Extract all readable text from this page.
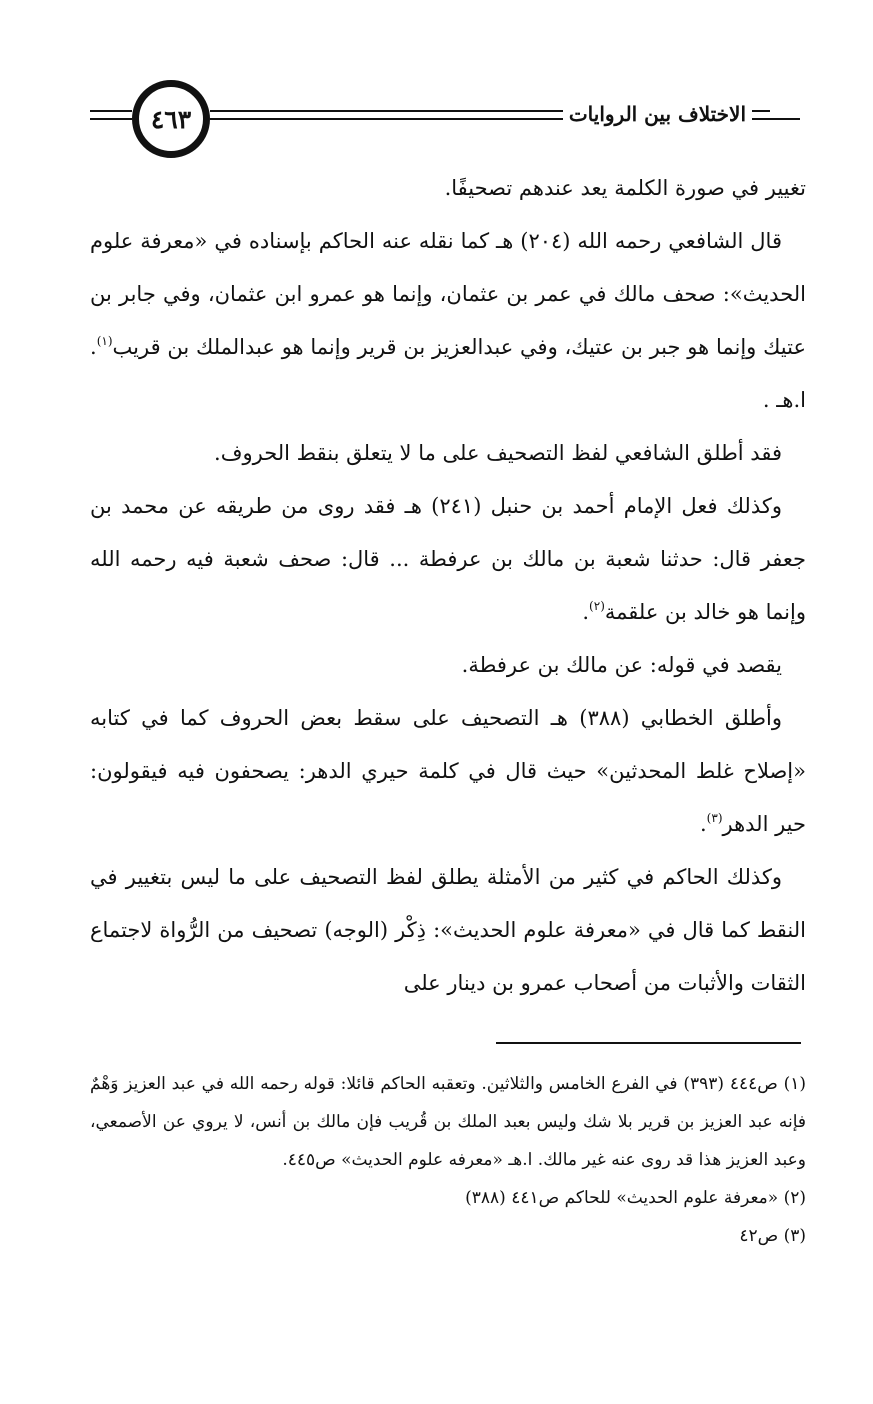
الاختلاف بين الروايات
٤٦٣

تغيير في صورة الكلمة يعد عندهم تصحيفًا.

قال الشافعي رحمه الله (٢٠٤) هـ كما نقله عنه الحاكم بإسناده في «معرفة علوم الحديث»: صحف مالك في عمر بن عثمان، وإنما هو عمرو ابن عثمان، وفي جابر بن عتيك وإنما هو جبر بن عتيك، وفي عبدالعزيز بن قرير وإنما هو عبدالملك بن قريب$^{(١)}$. ا.هـ .

فقد أطلق الشافعي لفظ التصحيف على ما لا يتعلق بنقط الحروف.

وكذلك فعل الإمام أحمد بن حنبل (٢٤١) هـ فقد روى من طريقه عن محمد بن جعفر قال: حدثنا شعبة بن مالك بن عرفطة ... قال: صحف شعبة فيه رحمه الله وإنما هو خالد بن علقمة$^{(٢)}$.

يقصد في قوله: عن مالك بن عرفطة.

وأطلق الخطابي (٣٨٨) هـ التصحيف على سقط بعض الحروف كما في كتابه «إصلاح غلط المحدثين» حيث قال في كلمة حيري الدهر: يصحفون فيه فيقولون: حير الدهر$^{(٣)}$.

وكذلك الحاكم في كثير من الأمثلة يطلق لفظ التصحيف على ما ليس بتغيير في النقط كما قال في «معرفة علوم الحديث»: ذِكْر (الوجه) تصحيف من الرُّواة لاجتماع الثقات والأثبات من أصحاب عمرو بن دينار على

(١) ص٤٤٤ (٣٩٣) في الفرع الخامس والثلاثين. وتعقبه الحاكم قائلا: قوله رحمه الله في عبد العزيز وَهْمٌ فإنه عبد العزيز بن قرير بلا شك وليس بعبد الملك بن قُريب فإن مالك بن أنس، لا يروي عن الأصمعي، وعبد العزيز هذا قد روى عنه غير مالك. ا.هـ «معرفه علوم الحديث» ص٤٤٥.

(٢) «معرفة علوم الحديث» للحاكم ص٤٤١ (٣٨٨)

(٣) ص٤٢
